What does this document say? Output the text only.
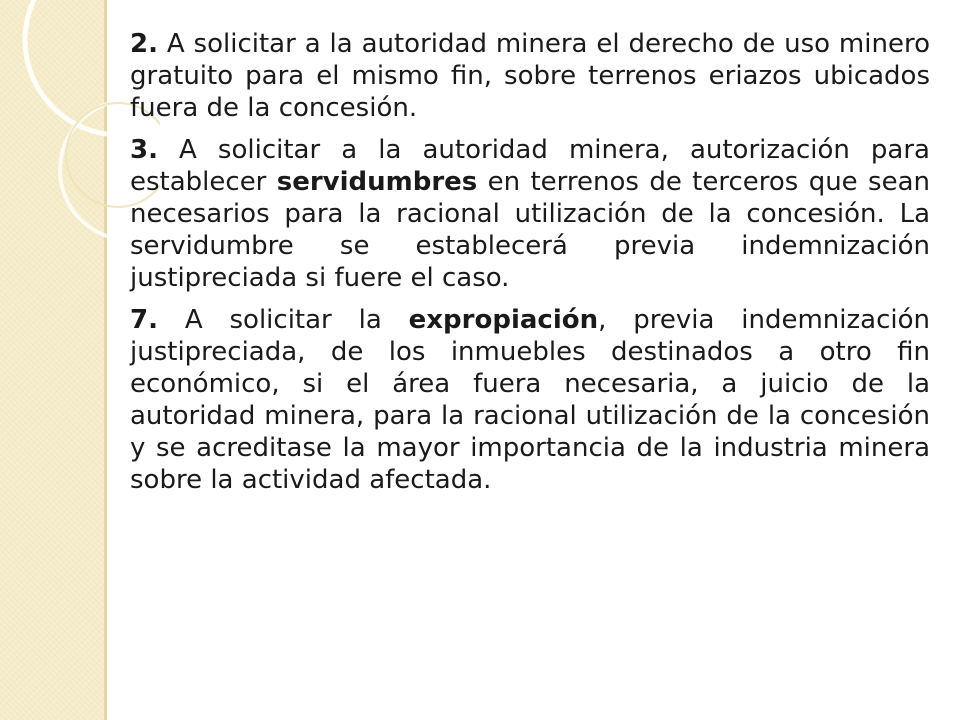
2. A solicitar a la autoridad minera el derecho de uso minero gratuito para el mismo fin, sobre terrenos eriazos ubicados fuera de la concesión.

3. A solicitar a la autoridad minera, autorización para establecer servidumbres en terrenos de terceros que sean necesarios para la racional utilización de la concesión. La servidumbre se establecerá previa indemnización justipreciada si fuere el caso.

7. A solicitar la expropiación, previa indemnización justipreciada, de los inmuebles destinados a otro fin económico, si el área fuera necesaria, a juicio de la autoridad minera, para la racional utilización de la concesión y se acreditase la mayor importancia de la industria minera sobre la actividad afectada.
